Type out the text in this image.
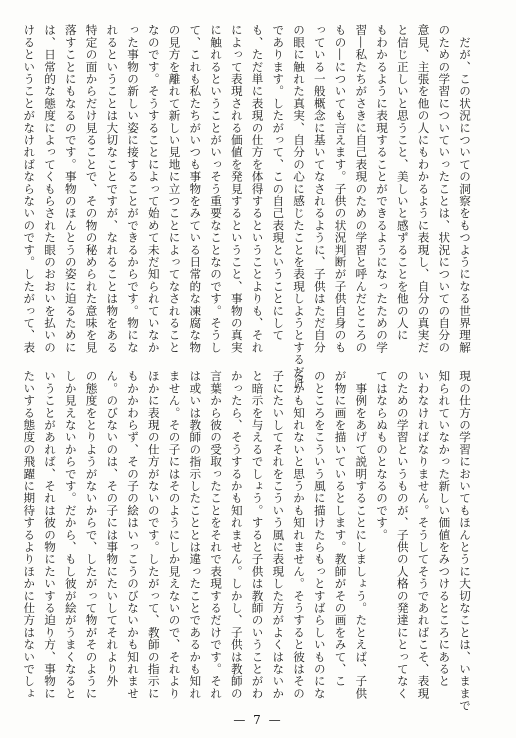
　だが、この状況についての洞察をもつようになる世界理解

のための学習についていったことは、状況についての自分の

意見、主張を他の人にもわかるように表現し、自分の真実だ

と信じ正しいと思うこと、美しいと感ずることを他の人に

もわかるように表現することができるようになったための学

習―私たちがさきに自己表現のための学習と呼んだところの

もの―についても言えます。子供の状況判断が子供自身のも

っている一般概念に基いてなされるように、子供はただ自分

の眼に触れた真実、自分の心に感じたことを表現しようとするだけ

であります。したがって、この自己表現ということにして

も、ただ単に表現の仕方を体得するということよりも、それ

によって表現される価値を発見するということ、事物の真実

に触れるということがいっそう重要なことなのです。そうし

て、これも私たちがいつも事物をみている日常的な凍腐な物

の見方を離れて新しい見地に立つことによってなされること

なのです。そうすることによって始めて未だ知られていなか

った事物の新しい姿に接することができるからです。物にな

れるということは大切なことですが、なれることは物をある

特定の面からだけ見ることで、その物の秘められた意味を見

落すことにもなるのです。事物のほんとうの姿に迫るために

は、日常的な態度によってくもらされた眼のおおいを払いの

けるということがなければならないのです。したがって、表

現の仕方の学習においてもほんとうに大切なことは、いままで

知られていなかった新しい価値をみつけるところにあると

いわなければなりません。そうしてそうであればこそ、表現

のための学習というものが、子供の人格の発達にとってなく

てはならぬものとなるのです。

　事例をあげて説明することにしましょう。たとえば、子供

が物に画を描いているとします。教師がその画をみて、こ

のところをこういう風に描けたらもっとすばらしいものにな

るかも知れないと思うかも知れません。そうすると彼はその

子にたいしてそれをこういう風に表現した方がよくはないか

と暗示を与えるでしょう。すると子供は教師のいうことがわ

かったら、そうするかも知れません。しかし、子供は教師の

言葉から彼の受取ったことをそれで表現するだけです。それ

は或いは教師の指示したこととは違ったことであるかも知れ

ません。その子にはそのようにしか見えないので、それより

ほかに表現の仕方がないのです。したがって、教師の指示に

もかかわらず、その子の絵はいっこうのびないかも知れませ

ん。のびないのは、その子には事物にたいしてそれより外

の態度をとりようがないからで、したがって物がそのように

しか見えないからです。だから、もし彼が絵がうまくなると

いうことがあれば、それは彼の物にたいする迫り方、事物に

たいする態度の飛躍に期待するよりほかに仕方はないでしょ

— 7 —
